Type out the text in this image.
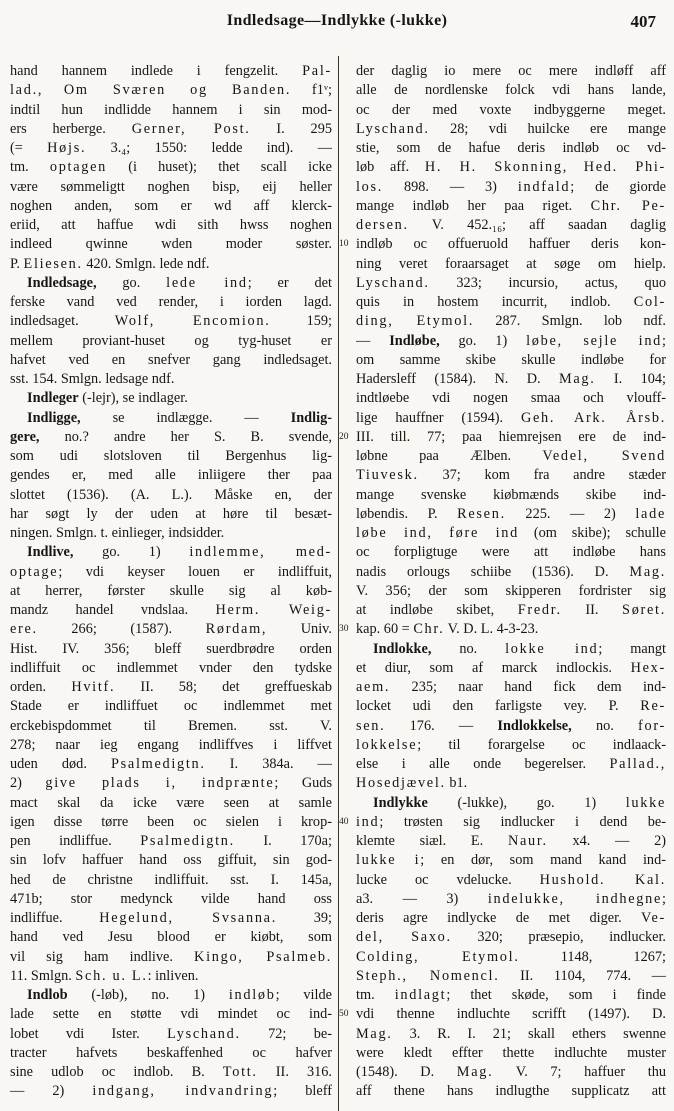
Indledsage—Indlykke (-lukke)	407
hand hannem indlede i fengzelit. Pal-
lad., Om Sværen og Banden. f1ᵛ;
indtil hun indlidde hannem i sin mod-
ers herberge. Gerner, Post. I. 295
(= Højs. 3.₄; 1550: ledde ind). —
tm. optagen (i huset); thet scall icke
være sømmeligtt noghen bisp, eij heller
noghen anden, som er wd aff klerck-
eriid, att haffue wdi sith hwss noghen
indleed qwinne wden moder søster.
P. Eliesen. 420. Smlgn. lede ndf.
Indledsage, go. lede ind; er det
ferske vand ved render, i iorden lagd.
indledsaget. Wolf, Encomion. 159;
mellem proviant-huset og tyg-huset er
hafvet ved en snefver gang indledsaget.
sst. 154. Smlgn. ledsage ndf.
Indleger (-lejr), se indlager.
Indligge, se indlægge. — Indlig-
gere, no.? andre her S. B. svende,
som udi slotsloven til Bergenhus lig-
gendes er, med alle inliigere ther paa
slottet (1536). (A. L.). Måske en, der
har søgt ly der uden at høre til besæt-
ningen. Smlgn. t. einlieger, indsidder.
Indlive, go. 1) indlemme, med-
optage; vdi keyser louen er indliffuit,
at herrer, førster skulle sig al køb-
mandz handel vndslaa. Herm. Weig-
ere. 266; (1587). Rørdam, Univ.
Hist. IV. 356; bleff suerdbrødre orden
indliffuit oc indlemmet vnder den tydske
orden. Hvitf. II. 58; det greffueskab
Stade er indliffuet oc indlemmet met
erckebispdommet til Bremen. sst. V.
278; naar ieg engang indliffves i liffvet
uden død. Psalmedigtn. I. 384a. —
2) give plads i, indprænte; Guds
mact skal da icke være seen at samle
igen disse tørre been oc sielen i krop-
pen indliffue. Psalmedigtn. I. 170a;
sin lofv haffuer hand oss giffuit, sin god-
hed de christne indliffuit. sst. I. 145a,
471b; stor medynck vilde hand oss
indliffue. Hegelund, Svsanna. 39;
hand ved Jesu blood er kiøbt, som
vil sig ham indlive. Kingo, Psalmeb.
11. Smlgn. Sch. u. L.: inliven.
Indlob (-løb), no. 1) indløb; vilde
lade sette en støtte vdi mindet oc ind-
lobet vdi Ister. Lyschand. 72; be-
tracter hafvets beskaffenhed oc hafver
sine udlob oc indlob. B. Tott. II. 316.
— 2) indgang, indvandring; bleff
der daglig io mere oc mere indløff aff
alle de nordlenske folck vdi hans lande,
oc der med voxte indbyggerne meget.
Lyschand. 28; vdi huilcke ere mange
stie, som de hafue deris indløb oc vd-
løb aff. H. H. Skonning, Hed. Phi-
los. 898. — 3) indfald; de giorde
mange indløb her paa riget. Chr. Pe-
dersen. V. 452.₁₆; aff saadan daglig
indløb oc offueruold haffuer deris kon-
ning veret foraarsaget at søge om hielp.
Lyschand. 323; incursio, actus, quo
quis in hostem incurrit, indlob. Col-
ding, Etymol. 287. Smlgn. lob ndf.
— Indløbe, go. 1) løbe, sejle ind;
om samme skibe skulle indløbe for
Hadersleff (1584). N. D. Mag. I. 104;
indtløebe vdi nogen smaa och vlouff-
lige hauffner (1594). Geh. Ark. Årsb.
III. till. 77; paa hiemrejsen ere de ind-
løbne paa Ælben. Vedel, Svend
Tiuvesk. 37; kom fra andre stæder
mange svenske kiøbmænds skibe ind-
løbendis. P. Resen. 225. — 2) lade
løbe ind, føre ind (om skibe); schulle
oc forpligtuge were att indløbe hans
nadis orlougs schiibe (1536). D. Mag.
V. 356; der som skipperen fordrister sig
at indløbe skibet, Fredr. II. Søret.
kap. 60 = Chr. V. D. L. 4-3-23.
Indlokke, no. lokke ind; mangt
et diur, som af marck indlockis. Hex-
aem. 235; naar hand fick dem ind-
locket udi den farligste vey. P. Re-
sen. 176. — Indlokkelse, no. for-
lokkelse; til forargelse oc indlaack-
else i alle onde begerelser. Pallad.,
Hosedjævel. b1.
Indlykke (-lukke), go. 1) lukke
ind; trøsten sig indlucker i dend be-
klemte siæl. E. Naur. x4. — 2)
lukke i; en dør, som mand kand ind-
lucke oc vdelucke. Hushold. Kal.
a3. — 3) indelukke, indhegne;
deris agre indlycke de met diger. Ve-
del, Saxo. 320; præsepio, indlucker.
Colding, Etymol. 1148, 1267;
Steph., Nomencl. II. 1104, 774. —
tm. indlagt; thet skøde, som i finde
vdi thenne indluchte scrifft (1497). D.
Mag. 3. R. I. 21; skall ethers swenne
were kledt effter thette indluchte muster
(1548). D. Mag. V. 7; haffuer thu
aff thene hans indlugthe supplicatz att
10
20
30
40
50
